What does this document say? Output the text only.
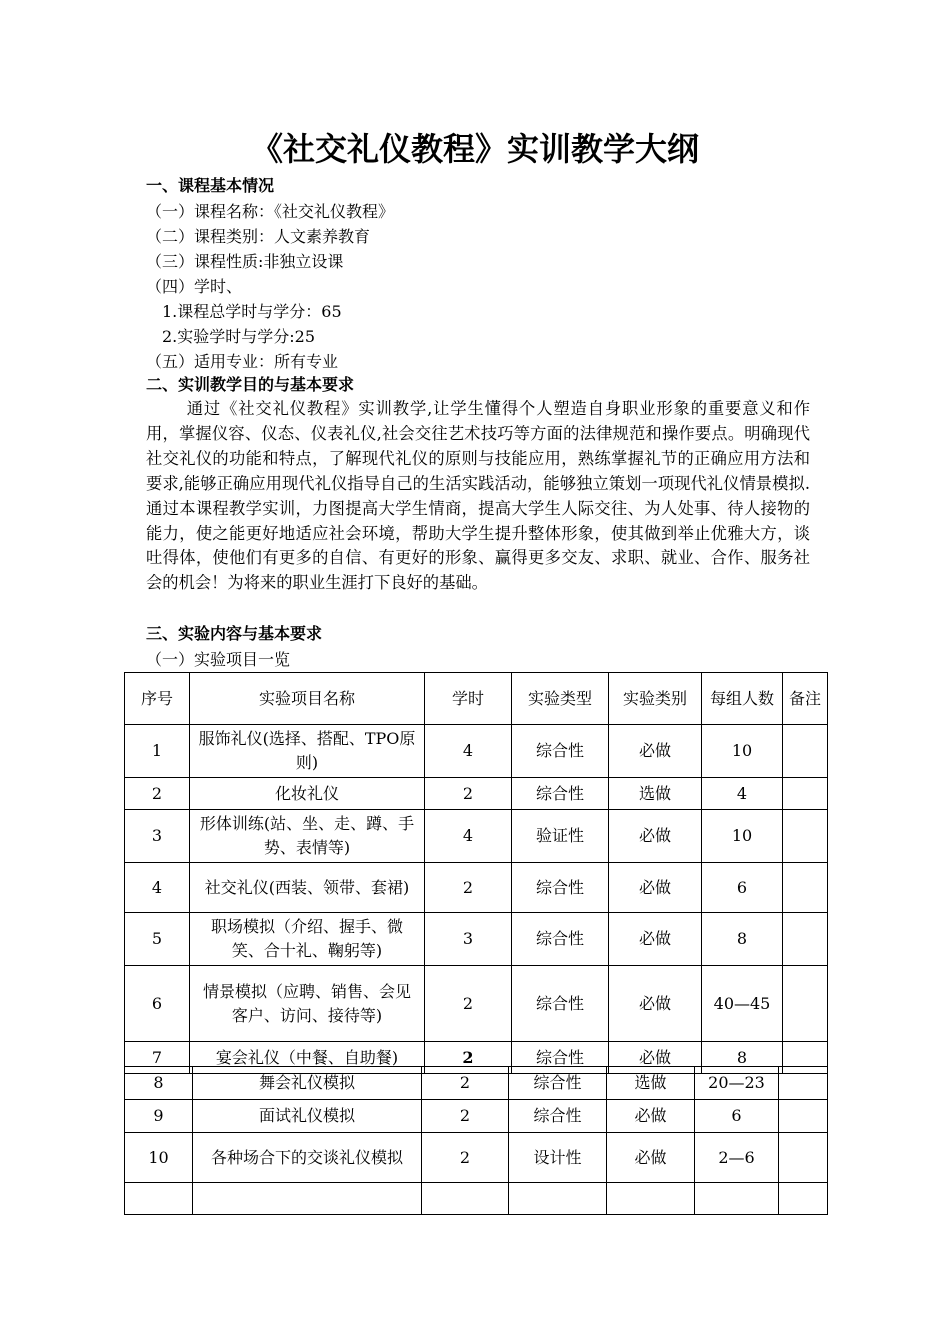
《社交礼仪教程》实训教学大纲
一、课程基本情况
（一）课程名称：《社交礼仪教程》
（二）课程类别：人文素养教育
（三）课程性质:非独立设课
（四）学时、
1.课程总学时与学分：65
2.实验学时与学分:25
（五）适用专业：所有专业
二、实训教学目的与基本要求

通过《社交礼仪教程》实训教学,让学生懂得个人塑造自身职业形象的重要意义和作用，掌握仪容、仪态、仪表礼仪,社会交往艺术技巧等方面的法律规范和操作要点。明确现代社交礼仪的功能和特点，了解现代礼仪的原则与技能应用，熟练掌握礼节的正确应用方法和要求,能够正确应用现代礼仪指导自己的生活实践活动，能够独立策划一项现代礼仪情景模拟.通过本课程教学实训，力图提高大学生情商，提高大学生人际交往、为人处事、待人接物的能力，使之能更好地适应社会环境，帮助大学生提升整体形象，使其做到举止优雅大方，谈吐得体，使他们有更多的自信、有更好的形象、赢得更多交友、求职、就业、合作、服务社会的机会！为将来的职业生涯打下良好的基础。

三、实验内容与基本要求
（一）实验项目一览
序号	实验项目名称	学时	实验类型	实验类别	每组人数	备注
1	服饰礼仪(选择、搭配、TPO原则)	4	综合性	必做	10	
2	化妆礼仪	2	综合性	选做	4	
3	形体训练(站、坐、走、蹲、手势、表情等)	4	验证性	必做	10	
4	社交礼仪(西装、领带、套裙)	2	综合性	必做	6	
5	职场模拟（介绍、握手、微笑、合十礼、鞠躬等)	3	综合性	必做	8	
6	情景模拟（应聘、销售、会见客户、访问、接待等)	2	综合性	必做	40—45	
7	宴会礼仪（中餐、自助餐)	2	综合性	必做	8	
8	舞会礼仪模拟	2	综合性	选做	20—23	
9	面试礼仪模拟	2	综合性	必做	6	
10	各种场合下的交谈礼仪模拟	2	设计性	必做	2—6	
